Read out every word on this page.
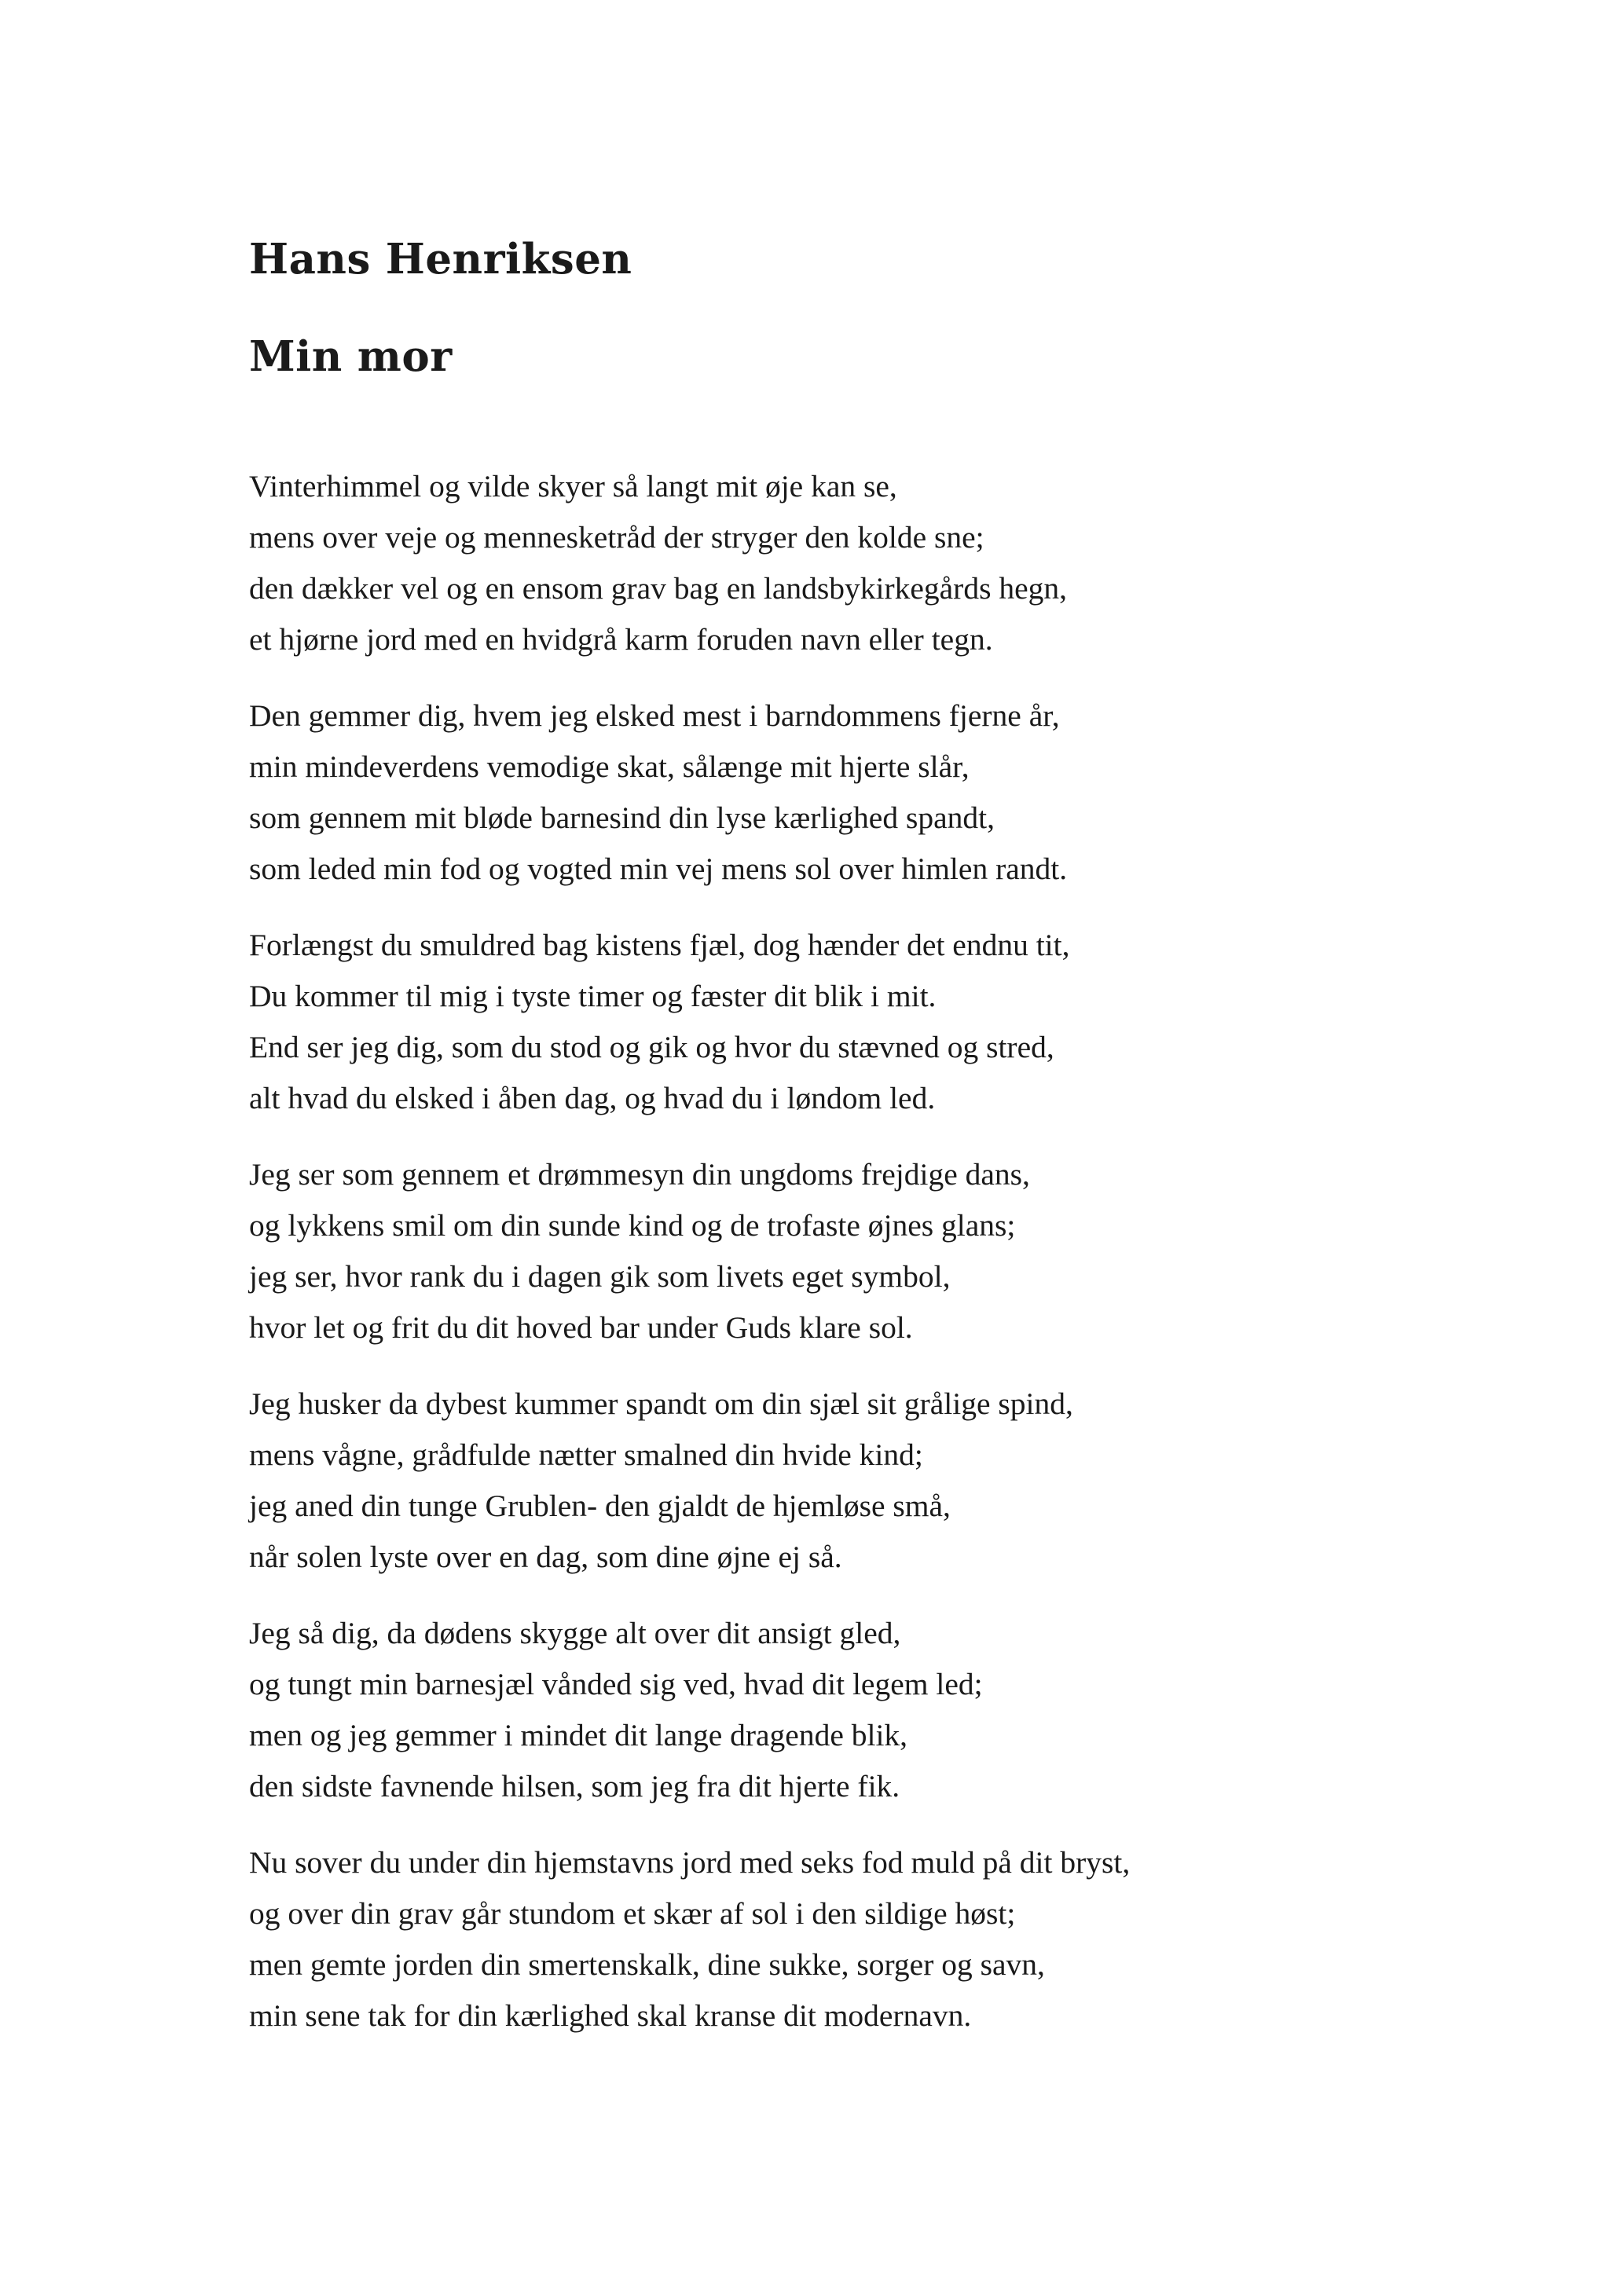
Hans Henriksen
Min mor
Vinterhimmel og vilde skyer så langt mit øje kan se,
mens over veje og mennesketråd der stryger den kolde sne;
den dækker vel og en ensom grav bag en landsbykirkegårds hegn,
et hjørne jord med en hvidgrå karm foruden navn eller tegn.
Den gemmer dig, hvem jeg elsked mest i barndommens fjerne år,
min mindeverdens vemodige skat, sålænge mit hjerte slår,
som gennem mit bløde barnesind din lyse kærlighed spandt,
som leded min fod og vogted min vej mens sol over himlen randt.
Forlængst du smuldred bag kistens fjæl, dog hænder det endnu tit,
Du kommer til mig i tyste timer og fæster dit blik i mit.
End ser jeg dig, som du stod og gik og hvor du stævned og stred,
alt hvad du elsked i åben dag, og hvad du i løndom led.
Jeg ser som gennem et drømmesyn din ungdoms frejdige dans,
og lykkens smil om din sunde kind og de trofaste øjnes glans;
jeg ser, hvor rank du i dagen gik som livets eget symbol,
hvor let og frit du dit hoved bar under Guds klare sol.
Jeg husker da dybest kummer spandt om din sjæl sit grålige spind,
mens vågne, grådfulde nætter smalned din hvide kind;
jeg aned din tunge Grublen- den gjaldt de hjemløse små,
når solen lyste over en dag, som dine øjne ej så.
Jeg så dig, da dødens skygge alt over dit ansigt gled,
og tungt min barnesjæl vånded sig ved, hvad dit legem led;
men og jeg gemmer i mindet dit lange dragende blik,
den sidste favnende hilsen, som jeg fra dit hjerte fik.
Nu sover du under din hjemstavns jord med seks fod muld på dit bryst,
og over din grav går stundom et skær af sol i den sildige høst;
men gemte jorden din smertenskalk, dine sukke, sorger og savn,
min sene tak for din kærlighed skal kranse dit modernavn.
